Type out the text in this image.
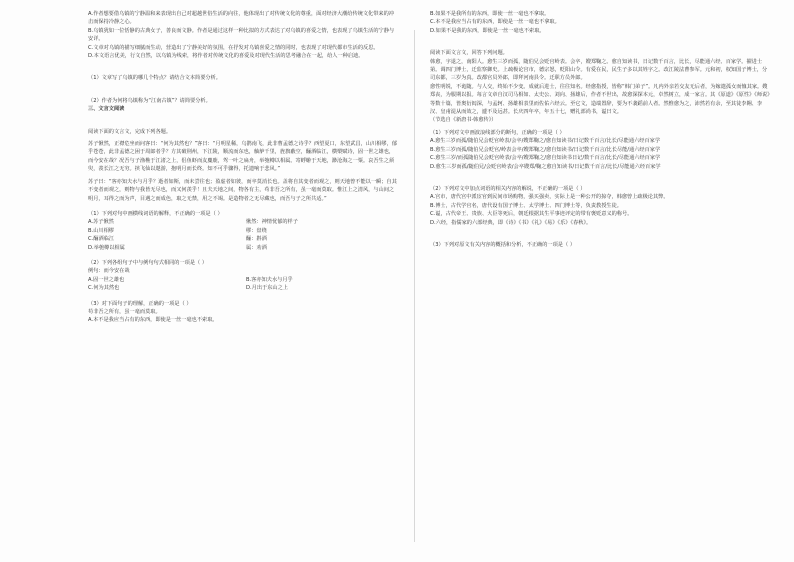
A.作者想要借乌镇的宁静温和来表现出自己对超越世俗生活的向往，他体现出了对传统文化的尊重，面对经济大潮给传统文化带来的冲击而保持冷静之心。

B.乌镇犹如一位恬静的古典女子，善良而文静。作者是通过这样一种比拟的方式表达了对乌镇的喜爱之情，也表现了乌镇生活的宁静与安详。

C.文章对乌镇的描写细腻而生动，营造出了宁静美好的氛围，在抒发对乌镇喜爱之情的同时，也表现了对现代都市生活的反思。

D.本文语言优美，行文自然，以乌镇为线索，将作者对传统文化的喜爱及对现代生活的思考融合在一起，给人一种启迪。

（1）文章写了乌镇的哪几个特点？请结合文本简要分析。

（2）作者为何将乌镇称为“江南古镇”？请简要分析。

三、文言文阅读

阅读下面的文言文，完成下列各题。

苏子愀然，正襟危坐而问客曰：“何为其然也？”客曰：“月明星稀，乌鹊南飞，此非曹孟德之诗乎？西望夏口，东望武昌，山川相缪，郁乎苍苍，此非孟德之困于周郎者乎？方其破荆州，下江陵，顺流而东也，舳舻千里，旌旗蔽空，酾酒临江，横槊赋诗，固一世之雄也，而今安在哉？况吾与子渔樵于江渚之上，侣鱼虾而友麋鹿，驾一叶之扁舟，举匏樽以相属。寄蜉蝣于天地，渺沧海之一粟。哀吾生之须臾，羡长江之无穷。挟飞仙以遨游，抱明月而长终。知不可乎骤得，托遗响于悲风。”

苏子曰：“客亦知夫水与月乎？逝者如斯，而未尝往也；盈虚者如彼，而卒莫消长也。盖将自其变者而观之，则天地曾不能以一瞬；自其不变者而观之，则物与我皆无尽也，而又何羡乎！且夫天地之间，物各有主，苟非吾之所有，虽一毫而莫取。惟江上之清风，与山间之明月，耳得之而为声，目遇之而成色，取之无禁，用之不竭。是造物者之无尽藏也，而吾与子之所共适。”

（1）下列对句中画横线词语的解释，不正确的一项是（ ）

A.苏子愀然	愀然：神情忧郁的样子
B.山川相缪	缪：盘绕
C.酾酒临江	酾：斟酒
D.举匏樽以相属	属：劝酒

（2）下列各组句子中与例句句式相同的一项是（ ）

例句：而今安在哉

A.固一世之雄也	B.客亦知夫水与月乎
C.何为其然也	D.月出于东山之上

（3）对下面句子的理解，正确的一项是（ ）

苟非吾之所有，虽一毫而莫取。

A.本不是我应当占有的东西，即使是一丝一毫也不索取。

B.如果不是我所有的东西，即使一丝一毫也不拿取。

C.本不是我应当占有的东西，即使是一丝一毫也不拿取。

D.如果不是我的东西，即使是一丝一毫也不索取。

阅读下面文言文，回答下列问题。

韩愈，字退之，南阳人。愈生三岁而孤，随伯兄会贬官岭表。会卒，嫂郑鞠之。愈自知读书，日记数千百言，比长，尽能通六经、百家学。擢进士第。调四门博士，迁监察御史。上疏极论宫市，德宗怒，贬阳山令。有爱在民，民生子多以其姓字之。改江陵法曹参军。元和初，权知国子博士，分司东都，三岁为真。改都官员外郎，即拜河南县令。迁职方员外郎。

愈性明锐，不诡随。与人交，终始不少变。成就后进士，往往知名。经愈指授，皆称“韩门弟子”。凡内外亲若交友无后者，为嫁遣孤女而恤其家。嫂郑丧，为服期以报。每言文章自汉司马相如、太史公、刘向、扬雄后，作者不世出，故愈深探本元，卓然树立，成一家言。其《原道》《原性》《师说》等数十篇，皆奥衍闳深，与孟轲、扬雄相表里而佐佑六经云。至它文，造端置辞，要为不袭蹈前人者。然惟愈为之，沛然若有余，至其徒李翱、李汉、皇甫湜从而效之，遽不及远甚。长庆四年卒，年五十七，赠礼部尚书，谥曰文。

（节选自《新唐书·韩愈传》）

（1）下列对文中画波浪线部分的断句，正确的一项是（ ）

A.愈生三岁而孤/随伯兄会贬官岭表/会卒/嫂郑鞠之/愈自知读书/日记数千百言/比长/尽能通六经百家学

B.愈生三岁而孤/随伯兄会贬官/岭表会卒/嫂郑鞠之/愈自知读书/日记数千百言/比长尽能/通六经百家学

C.愈生三岁/而孤随伯兄会贬官岭表/会卒/嫂郑鞠之/愈自知读书日记/数千百言/比长/尽能通六经百家学

D.愈生三岁而孤/随伯兄/会贬官岭表/会卒嫂郑/鞠之愈自知读书/日记数千百言/比长/尽能通六经百家学

（2）下列对文中加点词语的相关内容的解说，不正确的一项是（ ）

A.宫市，唐代宫中派宦官到民间市场购物，强买强卖，实际上是一种公开的掠夺，韩愈曾上疏极论其弊。

B.博士，古代学官名，唐代设有国子博士、太学博士、四门博士等，负责教授生徒。

C.谥，古代帝王、贵族、大臣等死后，朝廷根据其生平事迹评定的带有褒贬意义的称号。

D.六经，指儒家的六部经典，即《诗》《书》《礼》《易》《乐》《春秋》。

（3）下列对原文有关内容的概括和分析，不正确的一项是（ ）
